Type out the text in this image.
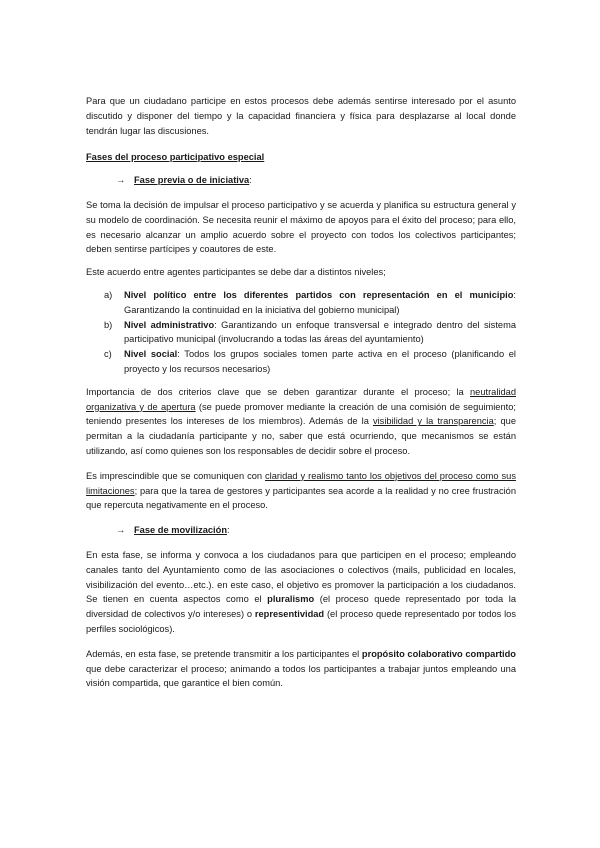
Para que un ciudadano participe en estos procesos debe además sentirse interesado por el asunto discutido y disponer del tiempo y la capacidad financiera y física para desplazarse al local donde tendrán lugar las discusiones.

Fases del proceso participativo especial

→ Fase previa o de iniciativa:

Se toma la decisión de impulsar el proceso participativo y se acuerda y planifica su estructura general y su modelo de coordinación. Se necesita reunir el máximo de apoyos para el éxito del proceso; para ello, es necesario alcanzar un amplio acuerdo sobre el proyecto con todos los colectivos participantes; deben sentirse partícipes y coautores de este.

Este acuerdo entre agentes participantes se debe dar a distintos niveles;

a)	Nivel político entre los diferentes partidos con representación en el municipio: Garantizando la continuidad en la iniciativa del gobierno municipal)
b)	Nivel administrativo: Garantizando un enfoque transversal e integrado dentro del sistema participativo municipal (involucrando a todas las áreas del ayuntamiento)
c)	Nivel social: Todos los grupos sociales tomen parte activa en el proceso (planificando el proyecto y los recursos necesarios)

Importancia de dos criterios clave que se deben garantizar durante el proceso; la neutralidad organizativa y de apertura (se puede promover mediante la creación de una comisión de seguimiento; teniendo presentes los intereses de los miembros). Además de la visibilidad y la transparencia; que permitan a la ciudadanía participante y no, saber que está ocurriendo, que mecanismos se están utilizando, así como quienes son los responsables de decidir sobre el proceso.

Es imprescindible que se comuniquen con claridad y realismo tanto los objetivos del proceso como sus limitaciones; para que la tarea de gestores y participantes sea acorde a la realidad y no cree frustración que repercuta negativamente en el proceso.

→ Fase de movilización:

En esta fase, se informa y convoca a los ciudadanos para que participen en el proceso; empleando canales tanto del Ayuntamiento como de las asociaciones o colectivos (mails, publicidad en locales, visibilización del evento…etc.). en este caso, el objetivo es promover la participación a los ciudadanos. Se tienen en cuenta aspectos como el pluralismo (el proceso quede representado por toda la diversidad de colectivos y/o intereses) o representividad (el proceso quede representado por todos los perfiles sociológicos).

Además, en esta fase, se pretende transmitir a los participantes el propósito colaborativo compartido que debe caracterizar el proceso; animando a todos los participantes a trabajar juntos empleando una visión compartida, que garantice el bien común.
